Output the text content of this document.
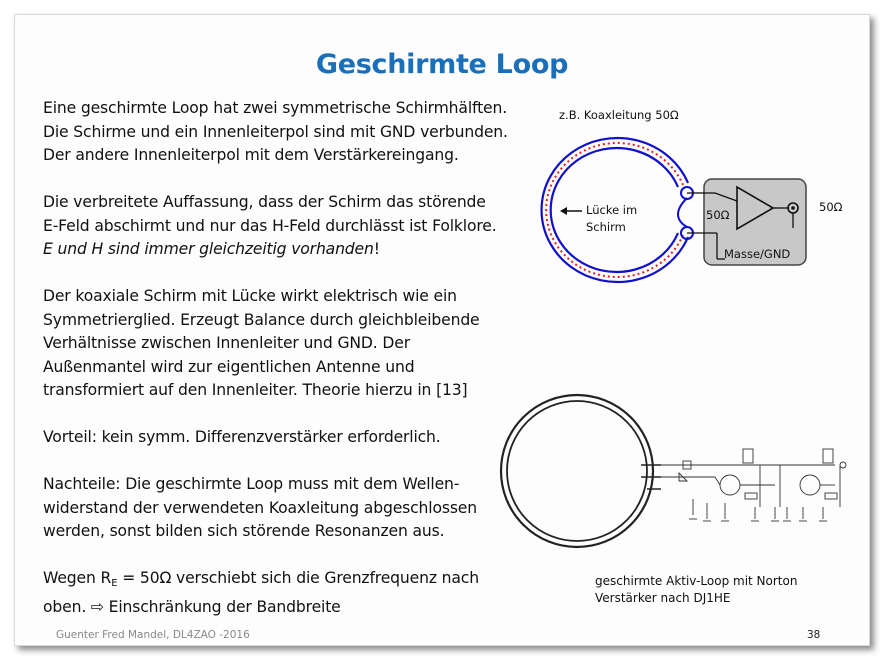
Geschirmte Loop

Eine geschirmte Loop hat zwei symmetrische Schirmhälften.
Die Schirme und ein Innenleiterpol sind mit GND verbunden.
Der andere Innenleiterpol mit dem Verstärkereingang.

Die verbreitete Auffassung, dass der Schirm das störende
E-Feld abschirmt und nur das H-Feld durchlässt ist Folklore.
E und H sind immer gleichzeitig vorhanden!

Der koaxiale Schirm mit Lücke wirkt elektrisch wie ein
Symmetrierglied. Erzeugt Balance durch gleichbleibende
Verhältnisse zwischen Innenleiter und GND. Der
Außenmantel wird zur eigentlichen Antenne und
transformiert auf den Innenleiter. Theorie hierzu in [13]

Vorteil: kein symm. Differenzverstärker erforderlich.

Nachteile: Die geschirmte Loop muss mit dem Wellen-
widerstand der verwendeten Koaxleitung abgeschlossen
werden, sonst bilden sich störende Resonanzen aus.

Wegen $R_E = 50\Omega$ verschiebt sich die Grenzfrequenz nach
oben. ⇨ Einschränkung der Bandbreite

z.B. Koaxleitung 50Ω
Lücke im
Schirm
50Ω
Masse/GND
50Ω
geschirmte Aktiv-Loop mit Norton
Verstärker nach DJ1HE
Guenter Fred Mandel, DL4ZAO -2016	38
